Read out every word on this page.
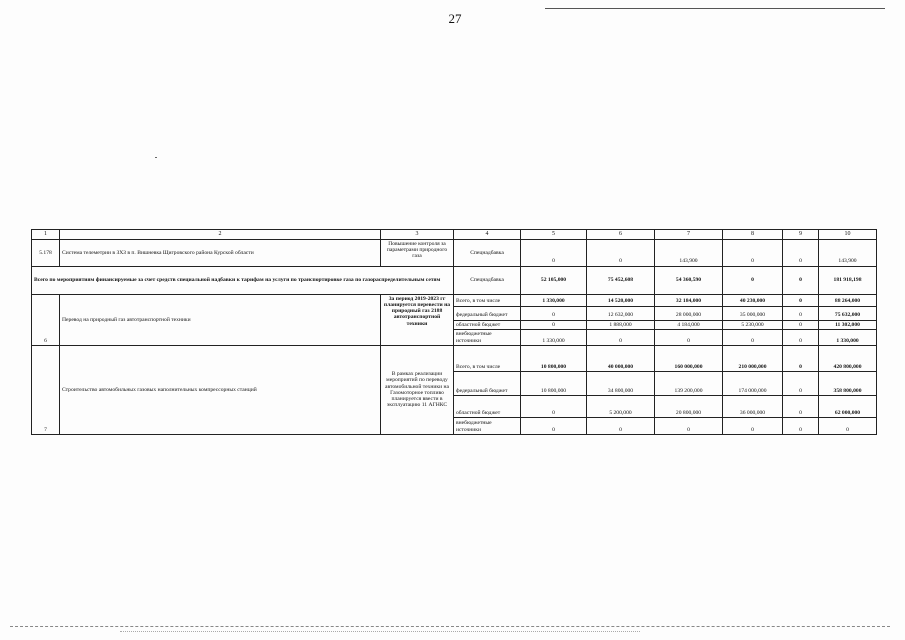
27
1	2	3	4	5	6	7	8	9	10
5.178	Система телеметрии в ЗХЗ в п. Вишневка Щигровского района Курской области	Повышение контроля за параметрами природного газа	Спецнадбавка	0	0	143,900	0	0	143,900
Всего по мероприятиям финансируемые за счет средств специальной надбавки к тарифам на услуги по транспортировке газа по газораспределительным сетям			Спецнадбавка	52 105,000	75 452,608	54 360,590	0	0	181 918,198
6	Перевод на природный газ автотранспортной техники	За период 2019-2023 гг планируется перевести на природный газ 2188 автотранспортной техники	Всего, в том числе	1 330,000	14 520,000	32 184,000	40 230,000	0	88 264,000
			федеральный бюджет	0	12 632,000	28 000,000	35 000,000	0	75 632,000
			областной бюджет	0	1 888,000	4 184,000	5 230,000	0	11 302,000
			внебюджетные источники	1 330,000	0	0	0	0	1 330,000
7	Строительство автомобильных газовых наполнительных компрессорных станций	В рамках реализации мероприятий по переводу автомобильной техники на Газомоторное топливо планируется ввести в эксплуатацию 11 АГНКС	Всего, в том числе	10 800,000	40 000,000	160 000,000	210 000,000	0	420 800,000
			федеральный бюджет	10 800,000	34 800,000	139 200,000	174 000,000	0	358 800,000
			областной бюджет	0	5 200,000	20 800,000	36 000,000	0	62 000,000
			внебюджетные источники	0	0	0	0	0	0
